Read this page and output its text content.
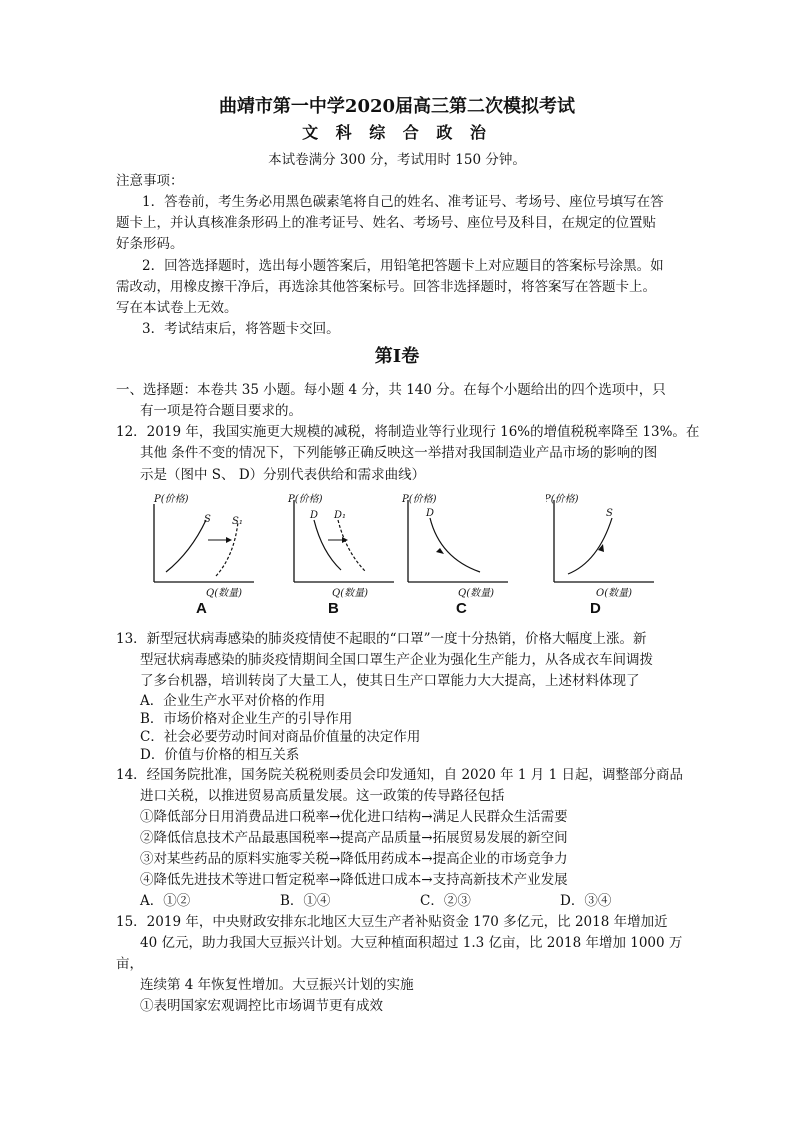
曲靖市第一中学2020届高三第二次模拟考试
文 科 综 合 政 治
本试卷满分 300 分，考试用时 150 分钟。
注意事项：
1．答卷前，考生务必用黑色碳素笔将自己的姓名、准考证号、考场号、座位号填写在答
题卡上，并认真核准条形码上的准考证号、姓名、考场号、座位号及科目，在规定的位置贴
好条形码。
2．回答选择题时，选出每小题答案后，用铅笔把答题卡上对应题目的答案标号涂黑。如
需改动，用橡皮擦干净后，再选涂其他答案标号。回答非选择题时，将答案写在答题卡上。
写在本试卷上无效。
3．考试结束后，将答题卡交回。
第Ⅰ卷
一、选择题：本卷共 35 小题。每小题 4 分，共 140 分。在每个小题给出的四个选项中，只
有一项是符合题目要求的。
12．2019 年，我国实施更大规模的减税，将制造业等行业现行 16%的增值税税率降至 13%。在
其他 条件不变的情况下，下列能够正确反映这一举措对我国制造业产品市场的影响的图
示是（图中 S、 D）分别代表供给和需求曲线）
P(价格)
Q(数量)
S S₁
A
P(价格)
Q(数量)
D D₁
B
P(价格)
Q(数量)
D
C
P(价格)
O(数量)
S
D
13．新型冠状病毒感染的肺炎疫情使不起眼的“口罩”一度十分热销，价格大幅度上涨。新
型冠状病毒感染的肺炎疫情期间全国口罩生产企业为强化生产能力，从各成衣车间调拨
了多台机器，培训转岗了大量工人，使其日生产口罩能力大大提高，上述材料体现了
A．企业生产水平对价格的作用
B．市场价格对企业生产的引导作用
C．社会必要劳动时间对商品价值量的决定作用
D．价值与价格的相互关系
14．经国务院批准，国务院关税税则委员会印发通知，自 2020 年 1 月 1 日起，调整部分商品
进口关税，以推进贸易高质量发展。这一政策的传导路径包括
①降低部分日用消费品进口税率→优化进口结构→满足人民群众生活需要
②降低信息技术产品最惠国税率→提高产品质量→拓展贸易发展的新空间
③对某些药品的原料实施零关税→降低用药成本→提高企业的市场竞争力
④降低先进技术等进口暂定税率→降低进口成本→支持高新技术产业发展
A．①②	B．①④	C．②③	D．③④
15．2019 年，中央财政安排东北地区大豆生产者补贴资金 170 多亿元，比 2018 年增加近
40 亿元，助力我国大豆振兴计划。大豆种植面积超过 1.3 亿亩，比 2018 年增加 1000 万
亩，
连续第 4 年恢复性增加。大豆振兴计划的实施
①表明国家宏观调控比市场调节更有成效
